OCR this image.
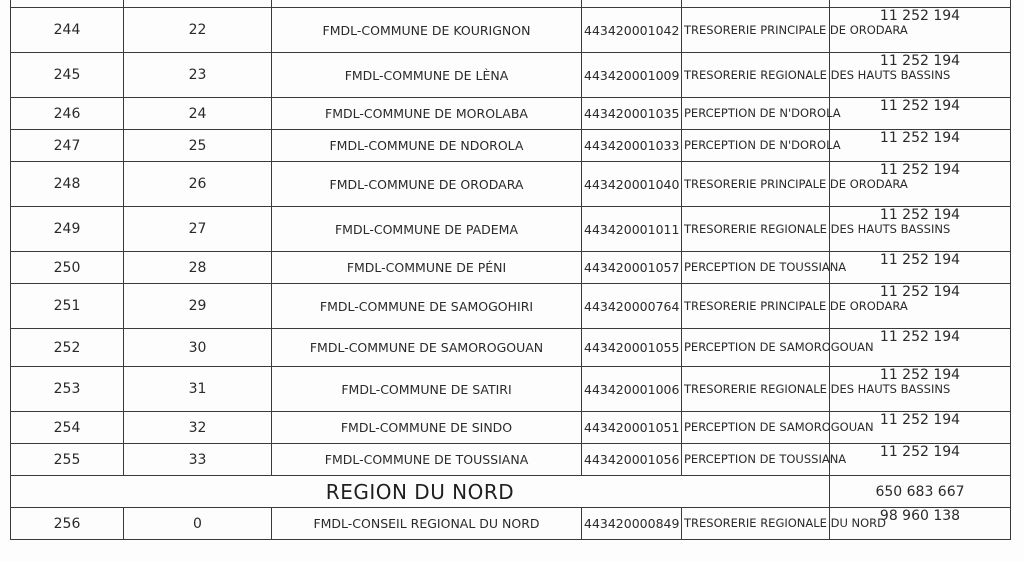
244	22	FMDL-COMMUNE DE KOURIGNON	443420001042	TRESORERIE PRINCIPALE DE ORODARA	11 252 194
245	23	FMDL-COMMUNE DE LÈNA	443420001009	TRESORERIE REGIONALE DES HAUTS BASSINS	11 252 194
246	24	FMDL-COMMUNE DE MOROLABA	443420001035	PERCEPTION DE N'DOROLA	11 252 194
247	25	FMDL-COMMUNE DE NDOROLA	443420001033	PERCEPTION DE N'DOROLA	11 252 194
248	26	FMDL-COMMUNE DE ORODARA	443420001040	TRESORERIE PRINCIPALE DE ORODARA	11 252 194
249	27	FMDL-COMMUNE DE PADEMA	443420001011	TRESORERIE REGIONALE DES HAUTS BASSINS	11 252 194
250	28	FMDL-COMMUNE DE PÉNI	443420001057	PERCEPTION DE TOUSSIANA	11 252 194
251	29	FMDL-COMMUNE DE SAMOGOHIRI	443420000764	TRESORERIE PRINCIPALE DE ORODARA	11 252 194
252	30	FMDL-COMMUNE DE SAMOROGOUAN	443420001055	PERCEPTION DE SAMOROGOUAN	11 252 194
253	31	FMDL-COMMUNE DE SATIRI	443420001006	TRESORERIE REGIONALE DES HAUTS BASSINS	11 252 194
254	32	FMDL-COMMUNE DE SINDO	443420001051	PERCEPTION DE SAMOROGOUAN	11 252 194
255	33	FMDL-COMMUNE DE TOUSSIANA	443420001056	PERCEPTION DE TOUSSIANA	11 252 194
REGION DU NORD					650 683 667
256	0	FMDL-CONSEIL REGIONAL DU NORD	443420000849	TRESORERIE REGIONALE DU NORD	98 960 138
